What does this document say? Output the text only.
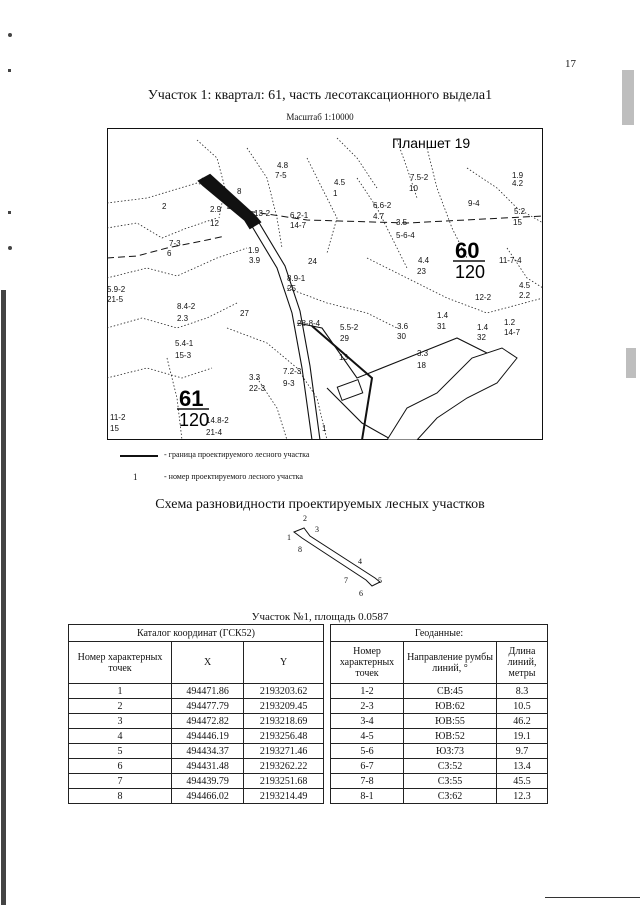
17
Участок 1: квартал: 61, часть лесотаксационного выдела1
Масштаб 1:10000
Планшет 19
60
120
61
120
4.8
7-5	7.5-2
10
1.9
4.2
8
4.5
1
2	2.9
12
13-2 6.2-1
14-7
6.6-2
4.7
9-4
5.2
15
3.5
5-6-4
7-3
6	1.9
3.9	24	4.4
23
11-7-4
5.9-2
21-5
8.9-1
25	4.5
2.2
12-2
8.4-2
2.3
27
28-8-4 5.5-2
29
3.6
30
1.4
31	1.4
32
1.2
14-7
5.4-1
15-3
7.2-3
9-3
13	3.3
18
3.3
22-3
14.8-2
21-4
11-2
15	1
- граница проектируемого лесного участка
1	- номер проектируемого лесного участка
Схема разновидности проектируемых лесных участков
1
2
3
4
5
6
7
8
Участок №1, площадь 0.0587
Каталог координат (ГСК52)		
Номер характерных точек	X	Y
1	494471.86	2193203.62
2	494477.79	2193209.45
3	494472.82	2193218.69
4	494446.19	2193256.48
5	494434.37	2193271.46
6	494431.48	2193262.22
7	494439.79	2193251.68
8	494466.02	2193214.49
Геоданные:		
Номер характерных точек	Направление румбы линий, °	Длина линий, метры
1-2	СВ:45	8.3
2-3	ЮВ:62	10.5
3-4	ЮВ:55	46.2
4-5	ЮВ:52	19.1
5-6	ЮЗ:73	9.7
6-7	СЗ:52	13.4
7-8	СЗ:55	45.5
8-1	СЗ:62	12.3
